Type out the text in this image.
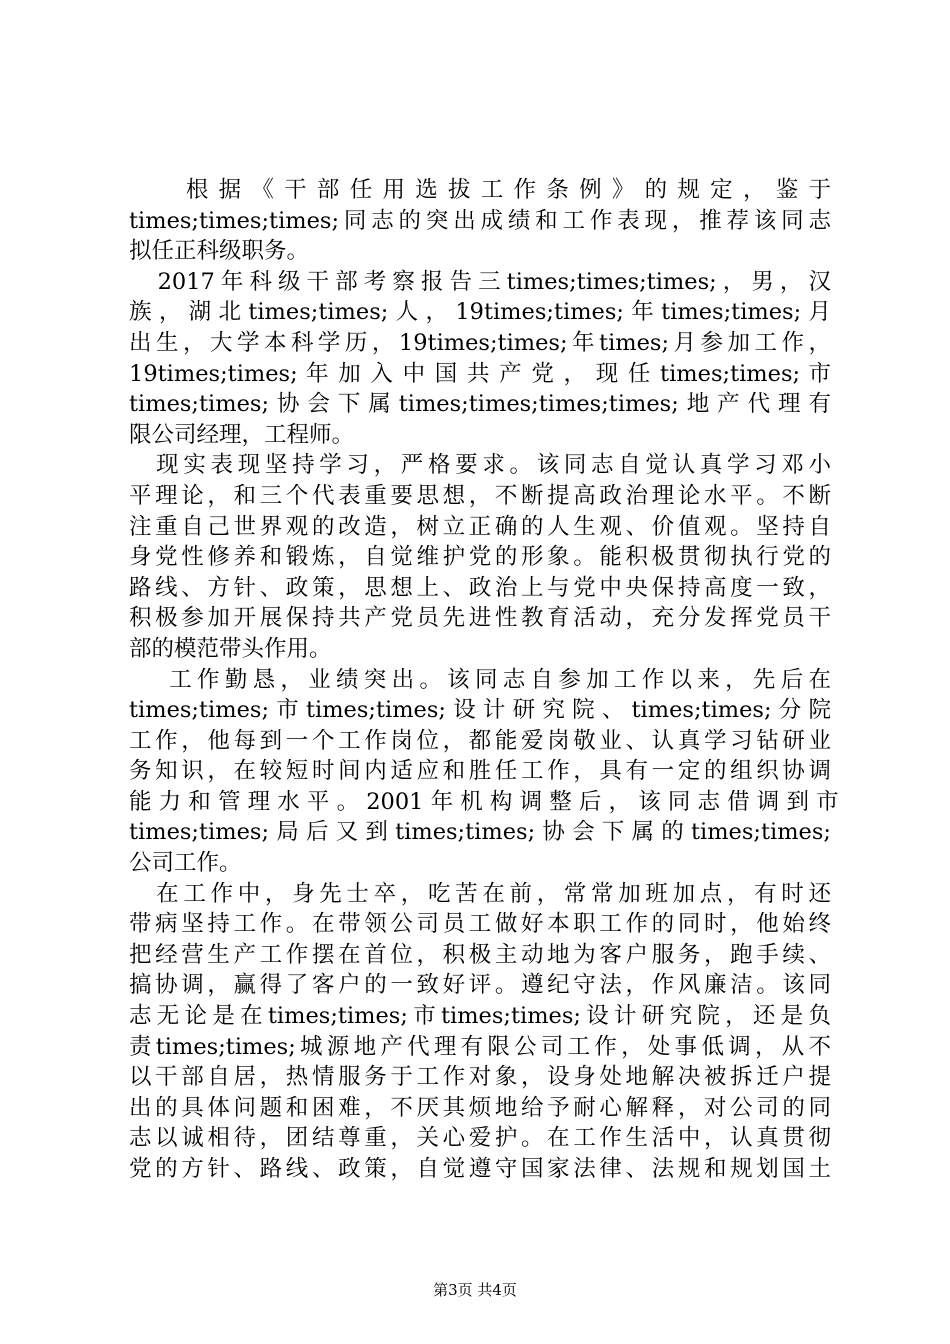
　　 根 据 《 干 部 任 用 选 拔 工 作 条 例 》 的 规 定 ， 鉴 于
times;times;times;同志的突出成绩和工作表现，推荐该同志
拟任正科级职务。
　2017年科级干部考察报告三times;times;times;，男，汉
族，湖北times;times;人，19times;times;年times;times;月
出生，大学本科学历，19times;times;年times;月参加工作，
19times;times; 年 加 入 中 国 共 产 党 ， 现 任 times;times; 市
times;times;协会下属times;times;times;times;地产代理有
限公司经理，工程师。
　现实表现坚持学习，严格要求。该同志自觉认真学习邓小
平理论，和三个代表重要思想，不断提高政治理论水平。不断
注重自己世界观的改造，树立正确的人生观、价值观。坚持自
身党性修养和锻炼，自觉维护党的形象。能积极贯彻执行党的
路线、方针、政策，思想上、政治上与党中央保持高度一致，
积极参加开展保持共产党员先进性教育活动，充分发挥党员干
部的模范带头作用。
　 工作勤恳，业绩突出。该同志自参加工作以来，先后在
times;times;市times;times;设计研究院、times;times;分院
工作，他每到一个工作岗位，都能爱岗敬业、认真学习钻研业
务知识，在较短时间内适应和胜任工作，具有一定的组织协调
能 力 和 管 理 水 平 。 2001 年 机 构 调 整 后 ， 该 同 志 借 调 到 市
times;times;局后又到times;times;协会下属的times;times;
公司工作。
　在工作中，身先士卒，吃苦在前，常常加班加点，有时还
带病坚持工作。在带领公司员工做好本职工作的同时，他始终
把经营生产工作摆在首位，积极主动地为客户服务，跑手续、
搞协调，赢得了客户的一致好评。遵纪守法，作风廉洁。该同
志无论是在times;times;市times;times;设计研究院，还是负
责times;times;城源地产代理有限公司工作，处事低调，从不
以干部自居，热情服务于工作对象，设身处地解决被拆迁户提
出的具体问题和困难，不厌其烦地给予耐心解释，对公司的同
志以诚相待，团结尊重，关心爱护。在工作生活中，认真贯彻
党的方针、路线、政策，自觉遵守国家法律、法规和规划国土
第3页 共4页
